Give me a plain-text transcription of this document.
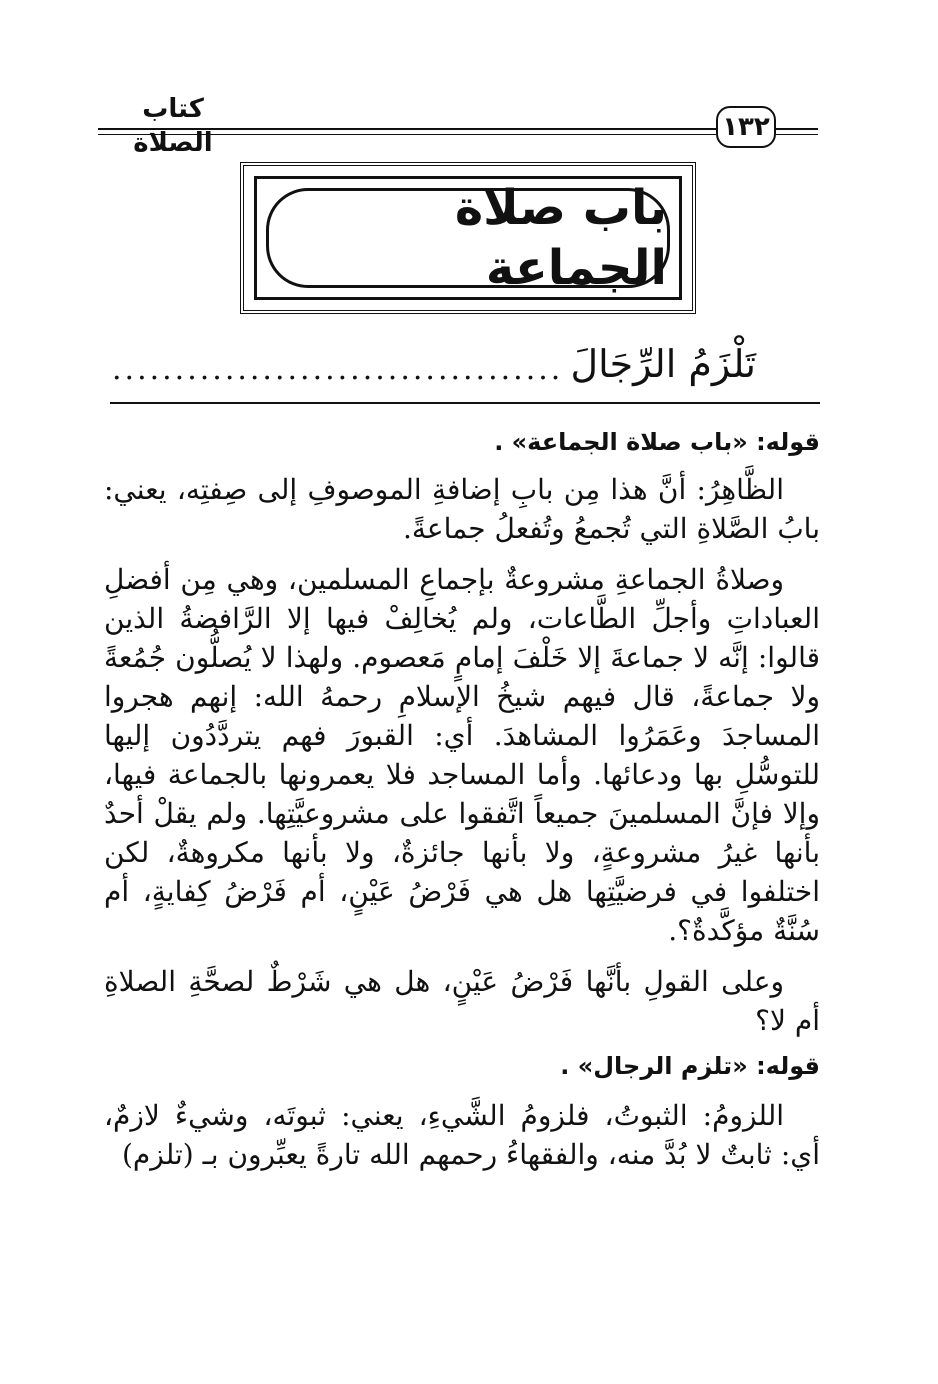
كتاب الصلاة
١٣٢
باب صلاة الجماعة
تَلْزَمُ الرِّجَالَ
....................................
قوله: «باب صلاة الجماعة» .

الظَّاهِرُ: أنَّ هذا مِن بابِ إضافةِ الموصوفِ إلى صِفتِه، يعني: بابُ الصَّلاةِ التي تُجمعُ وتُفعلُ جماعةً.

وصلاةُ الجماعةِ مشروعةٌ بإجماعِ المسلمين، وهي مِن أفضلِ العباداتِ وأجلِّ الطَّاعات، ولم يُخالِفْ فيها إلا الرَّافضةُ الذين قالوا: إنَّه لا جماعةَ إلا خَلْفَ إمامٍ مَعصوم. ولهذا لا يُصلُّون جُمُعةً ولا جماعةً، قال فيهم شيخُ الإسلامِ رحمهُ الله: إنهم هجروا المساجدَ وعَمَرُوا المشاهدَ. أي: القبورَ فهم يتردَّدُون إليها للتوسُّلِ بها ودعائها. وأما المساجد فلا يعمرونها بالجماعة فيها، وإلا فإنَّ المسلمينَ جميعاً اتَّفقوا على مشروعيَّتِها. ولم يقلْ أحدٌ بأنها غيرُ مشروعةٍ، ولا بأنها جائزةٌ، ولا بأنها مكروهةٌ، لكن اختلفوا في فرضيَّتِها هل هي فَرْضُ عَيْنٍ، أم فَرْضُ كِفايةٍ، أم سُنَّةٌ مؤكَّدةٌ؟.

وعلى القولِ بأنَّها فَرْضُ عَيْنٍ، هل هي شَرْطٌ لصحَّةِ الصلاةِ أم لا؟

قوله: «تلزم الرجال» .

اللزومُ: الثبوتُ، فلزومُ الشَّيءِ، يعني: ثبوتَه، وشيءٌ لازمٌ، أي: ثابتٌ لا بُدَّ منه، والفقهاءُ رحمهم الله تارةً يعبِّرون بـ (تلزم)
